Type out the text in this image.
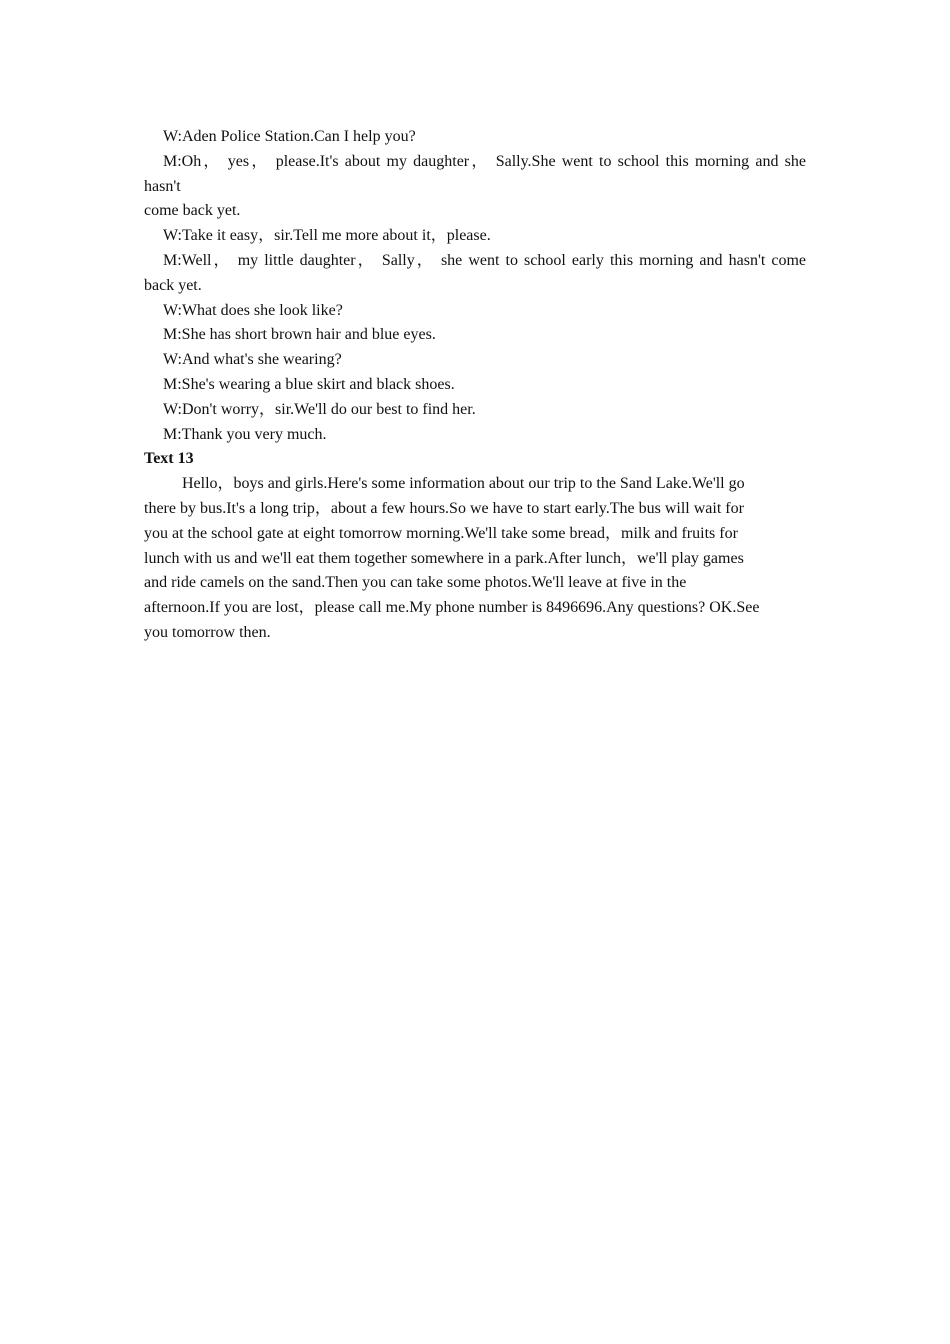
W:Aden Police Station.Can I help you?
M:Oh， yes， please.It's about my daughter， Sally.She went to school this morning and she
hasn't
come back yet.
W:Take it easy，sir.Tell me more about it，please.
M:Well， my little daughter， Sally， she went to school early this morning and hasn't come
back yet.
W:What does she look like?
M:She has short brown hair and blue eyes.
W:And what's she wearing?
M:She's wearing a blue skirt and black shoes.
W:Don't worry，sir.We'll do our best to find her.
M:Thank you very much.
Text 13
Hello，boys and girls.Here's some information about our trip to the Sand Lake.We'll go
there by bus.It's a long trip，about a few hours.So we have to start early.The bus will wait for
you at the school gate at eight tomorrow morning.We'll take some bread，milk and fruits for
lunch with us and we'll eat them together somewhere in a park.After lunch，we'll play games
and ride camels on the sand.Then you can take some photos.We'll leave at five in the
afternoon.If you are lost，please call me.My phone number is 8496696.Any questions? OK.See
you tomorrow then.
